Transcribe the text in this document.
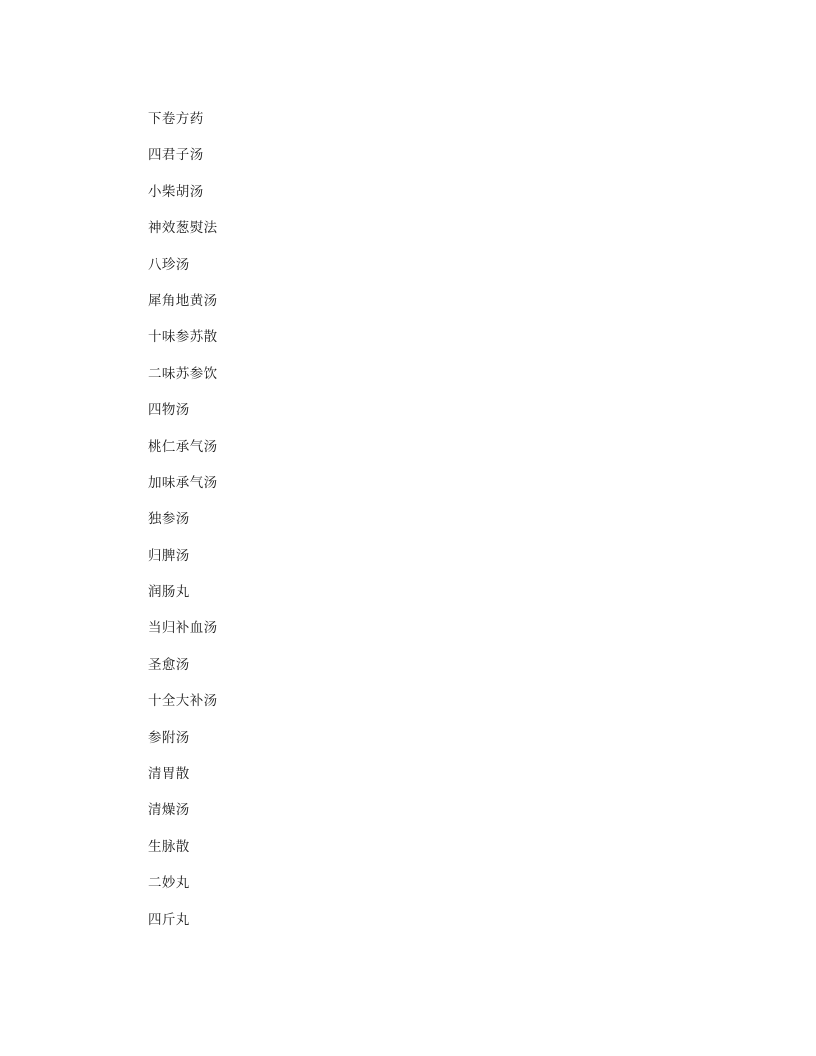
下卷方药
四君子汤
小柴胡汤
神效葱熨法
八珍汤
犀角地黄汤
十味参苏散
二味苏参饮
四物汤
桃仁承气汤
加味承气汤
独参汤
归脾汤
润肠丸
当归补血汤
圣愈汤
十全大补汤
参附汤
清胃散
清燥汤
生脉散
二妙丸
四斤丸
